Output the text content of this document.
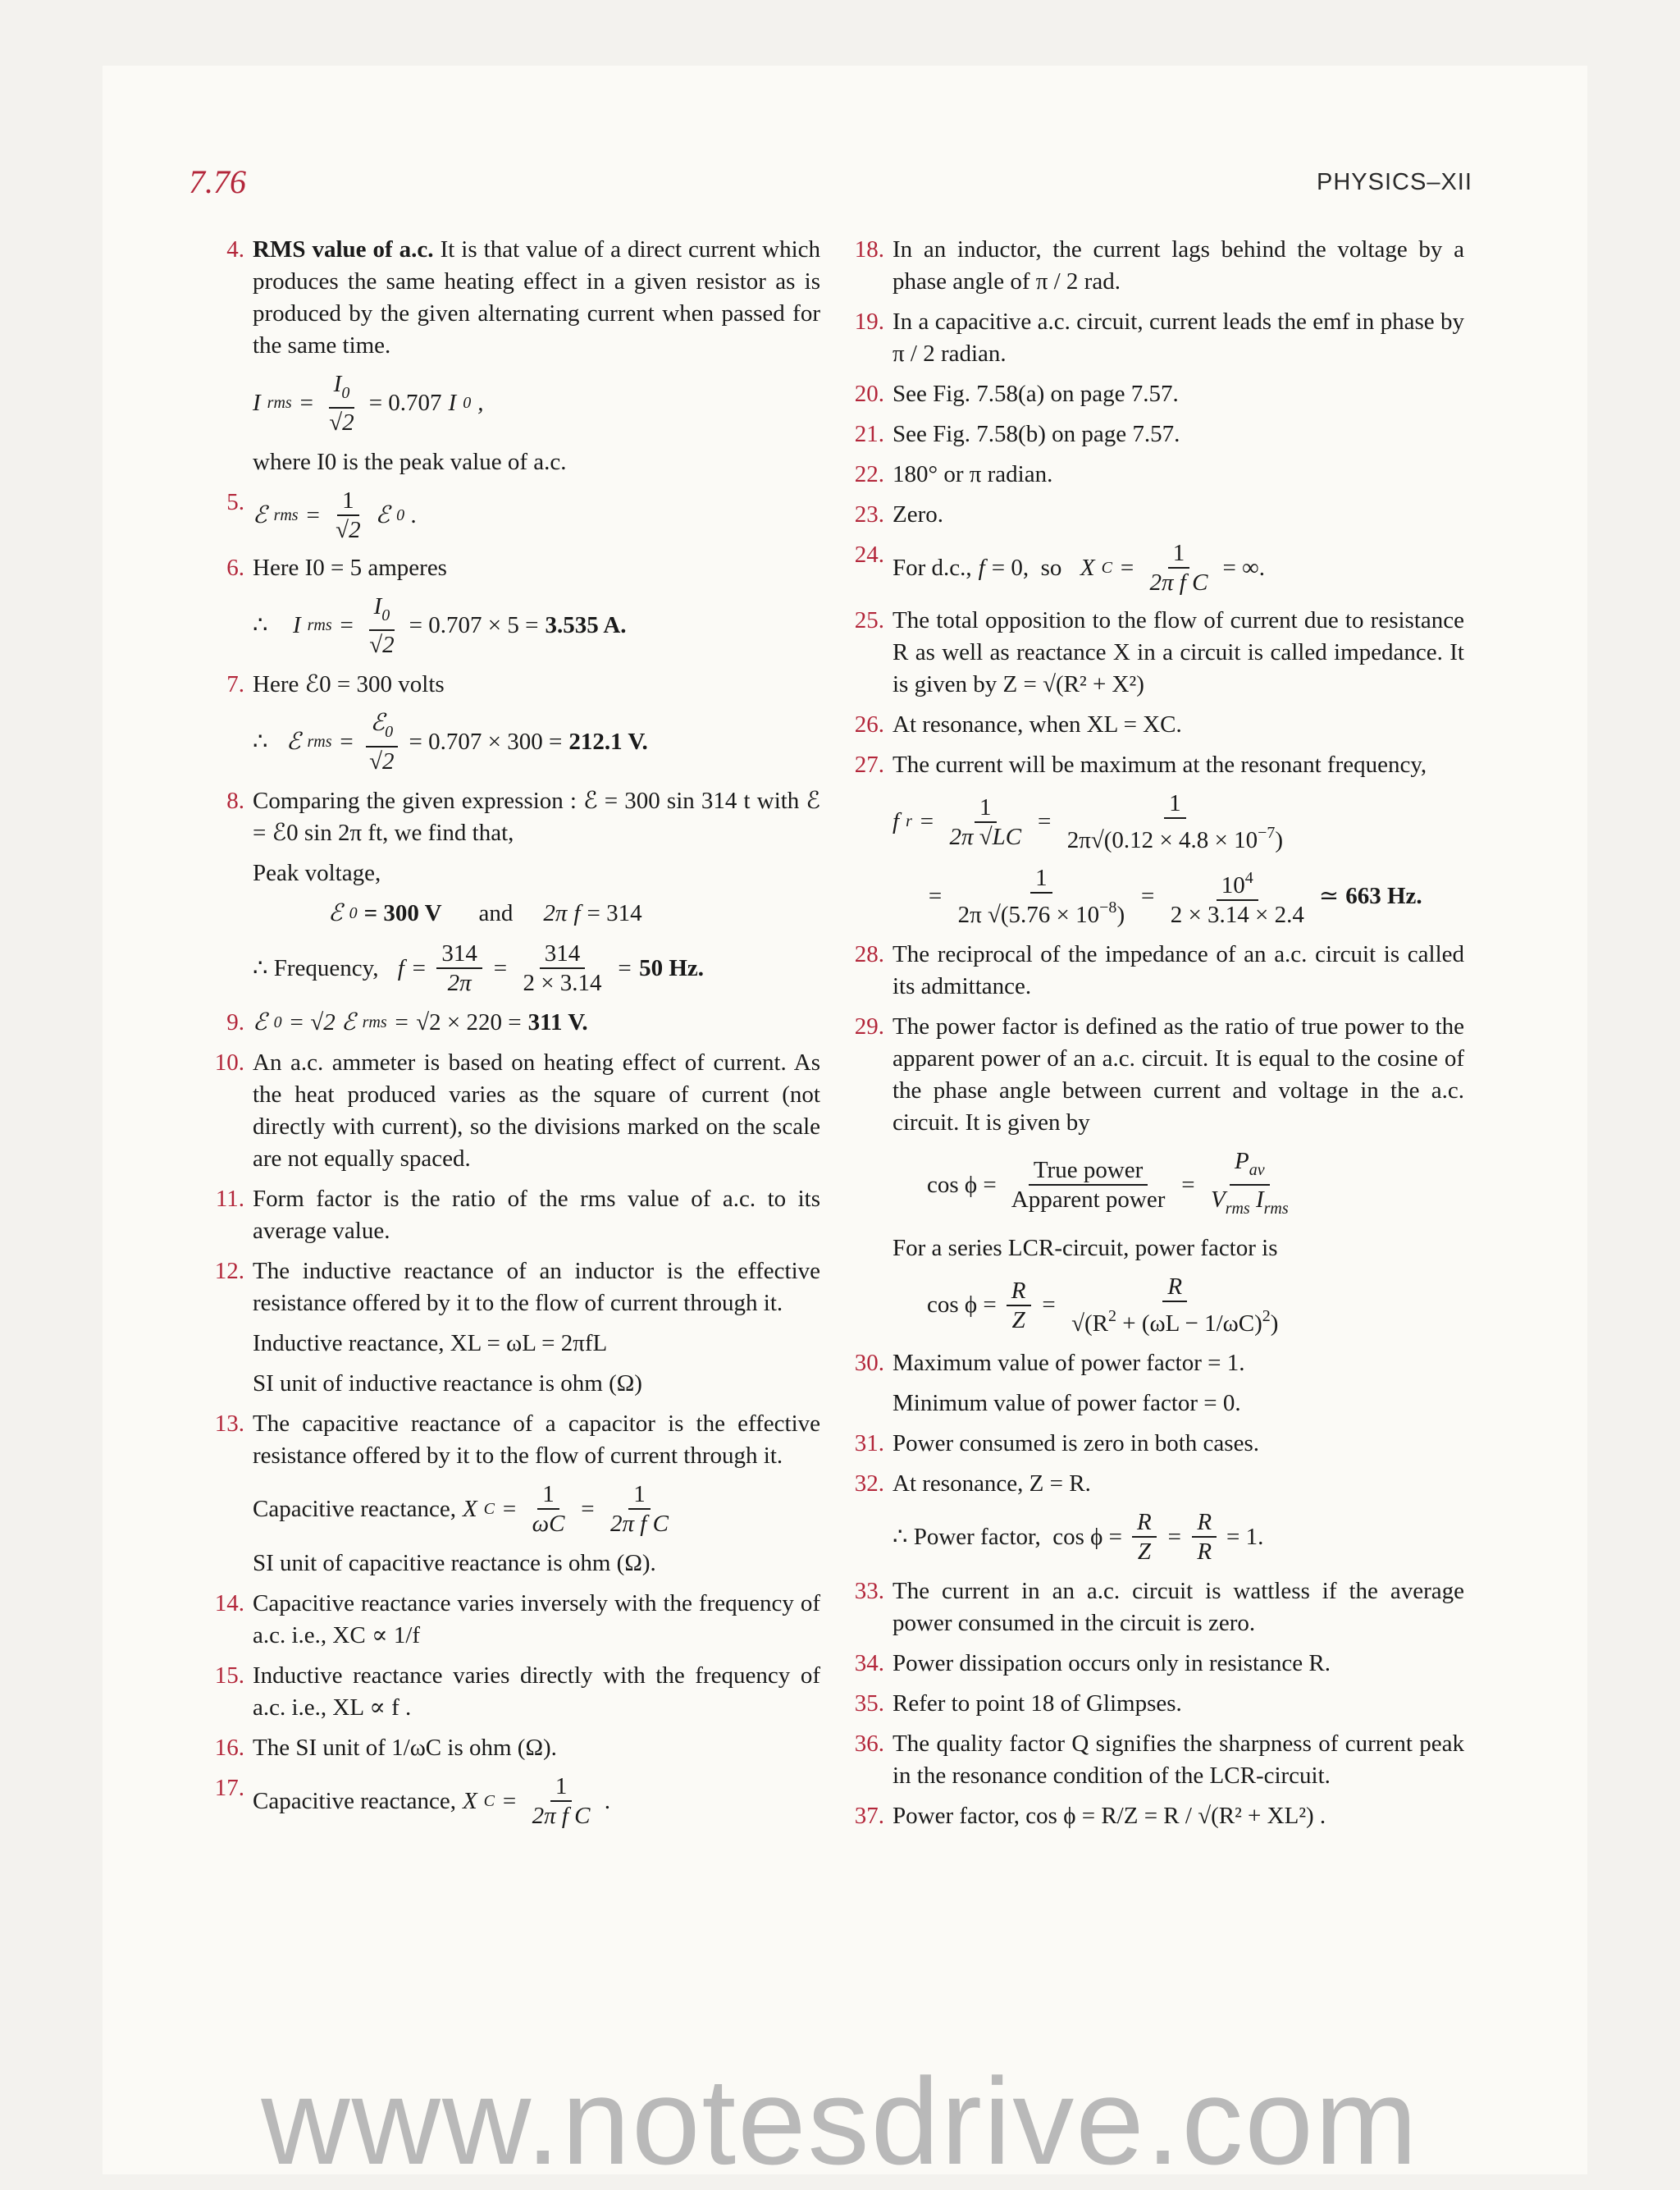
7.76	PHYSICS–XII
4. RMS value of a.c. It is that value of a direct current which produces the same heating effect in a given resistor as is produced by the given alternating current when passed for the same time.
I rms = $\frac{I_0}{√2} = 0.707$ I 0 ,
where I0 is the peak value of a.c.
5. ℰ rms = $\frac{1}{√2}$ ℰ 0 .
6. Here I0 = 5 amperes
∴
I rms = $\frac{I_0}{√2} = 0.707 \times 5 = 3.535$ A.
7. Here ℰ0 = 300 volts
∴ ℰ rms = $\frac{ℰ_0}{√2} = 0.707 \times 300 = 212.1$ V.
8. Comparing the given expression : ℰ = 300 sin 314 t with ℰ = ℰ0 sin 2π ft, we find that,
Peak voltage,
ℰ 0 = 300 V
and 2π f = 314
∴ Frequency,
$f = \frac{314}{2\pi} = \frac{314}{2 \times 3.14} = 50$ Hz.
9. ℰ 0 = √2 ℰ rms = √2 × 220 = 311 V.
10. An a.c. ammeter is based on heating effect of current. As the heat produced varies as the square of current (not directly with current), so the divisions marked on the scale are not equally spaced.
11. Form factor is the ratio of the rms value of a.c. to its average value.
12. The inductive reactance of an inductor is the effective resistance offered by it to the flow of current through it.
Inductive reactance, XL = ωL = 2πfL
SI unit of inductive reactance is ohm (Ω)
13. The capacitive reactance of a capacitor is the effective resistance offered by it to the flow of current through it.
Capacitive reactance, X $C = \frac{1}{\omega C} = \frac{1}{\text{2π f C}}$
SI unit of capacitive reactance is ohm (Ω).
14. Capacitive reactance varies inversely with the frequency of a.c. i.e., XC ∝ 1/f
15. Inductive reactance varies directly with the frequency of a.c. i.e., XL ∝ f .
16. The SI unit of 1/ωC is ohm (Ω).
17. Capacitive reactance, X $C = \frac{1}{\text{2π f C}}$ .
18. In an inductor, the current lags behind the voltage by a phase angle of π / 2 rad.
19. In a capacitive a.c. circuit, current leads the emf in phase by π / 2 radian.
20. See Fig. 7.58(a) on page 7.57.
21. See Fig. 7.58(b) on page 7.57.
22. 180° or π radian.
23. Zero.
24. For d.c., f = 0,  so X $C = \frac{1}{\text{2π f C}}$ = ∞.
25. The total opposition to the flow of current due to resistance R as well as reactance X in a circuit is called impedance. It is given by Z = √(R² + X²)
26. At resonance, when XL = XC.
27. The current will be maximum at the resonant frequency,
f $r = \frac{1}{2\pi √LC} = \frac{1}{2\pi√(0.12 \times 4.8 \times 10^{-7})}$
= $\frac{1}{2\pi √(5.76 \times 10^{-8})} = \frac{10^4}{2 \times 3.14 \times 2.4}$ ≃ 663 Hz.
28. The reciprocal of the impedance of an a.c. circuit is called its admittance.
29. The power factor is defined as the ratio of true power to the apparent power of an a.c. circuit. It is equal to the cosine of the phase angle between current and voltage in the a.c. circuit. It is given by
$\cos \phi = \frac{\text{True power}}{\text{Apparent power}} = \frac{P_{av}}{V_{rms} I_{rms}}$
For a series LCR-circuit, power factor is
$\cos \phi = \frac{R}{Z} = \frac{R}{√(R^2 + (\omega L - 1/\omega C)^2)}$
30. Maximum value of power factor = 1.
Minimum value of power factor = 0.
31. Power consumed is zero in both cases.
32. At resonance, Z = R.
∴ Power factor,  $\cos \phi = \frac{R}{Z} = \frac{R}{R} = 1$.
33. The current in an a.c. circuit is wattless if the average power consumed in the circuit is zero.
34. Power dissipation occurs only in resistance R.
35. Refer to point 18 of Glimpses.
36. The quality factor Q signifies the sharpness of current peak in the resonance condition of the LCR-circuit.
37. Power factor, cos ϕ = R/Z = R / √(R² + XL²) .
www.notesdrive.com
